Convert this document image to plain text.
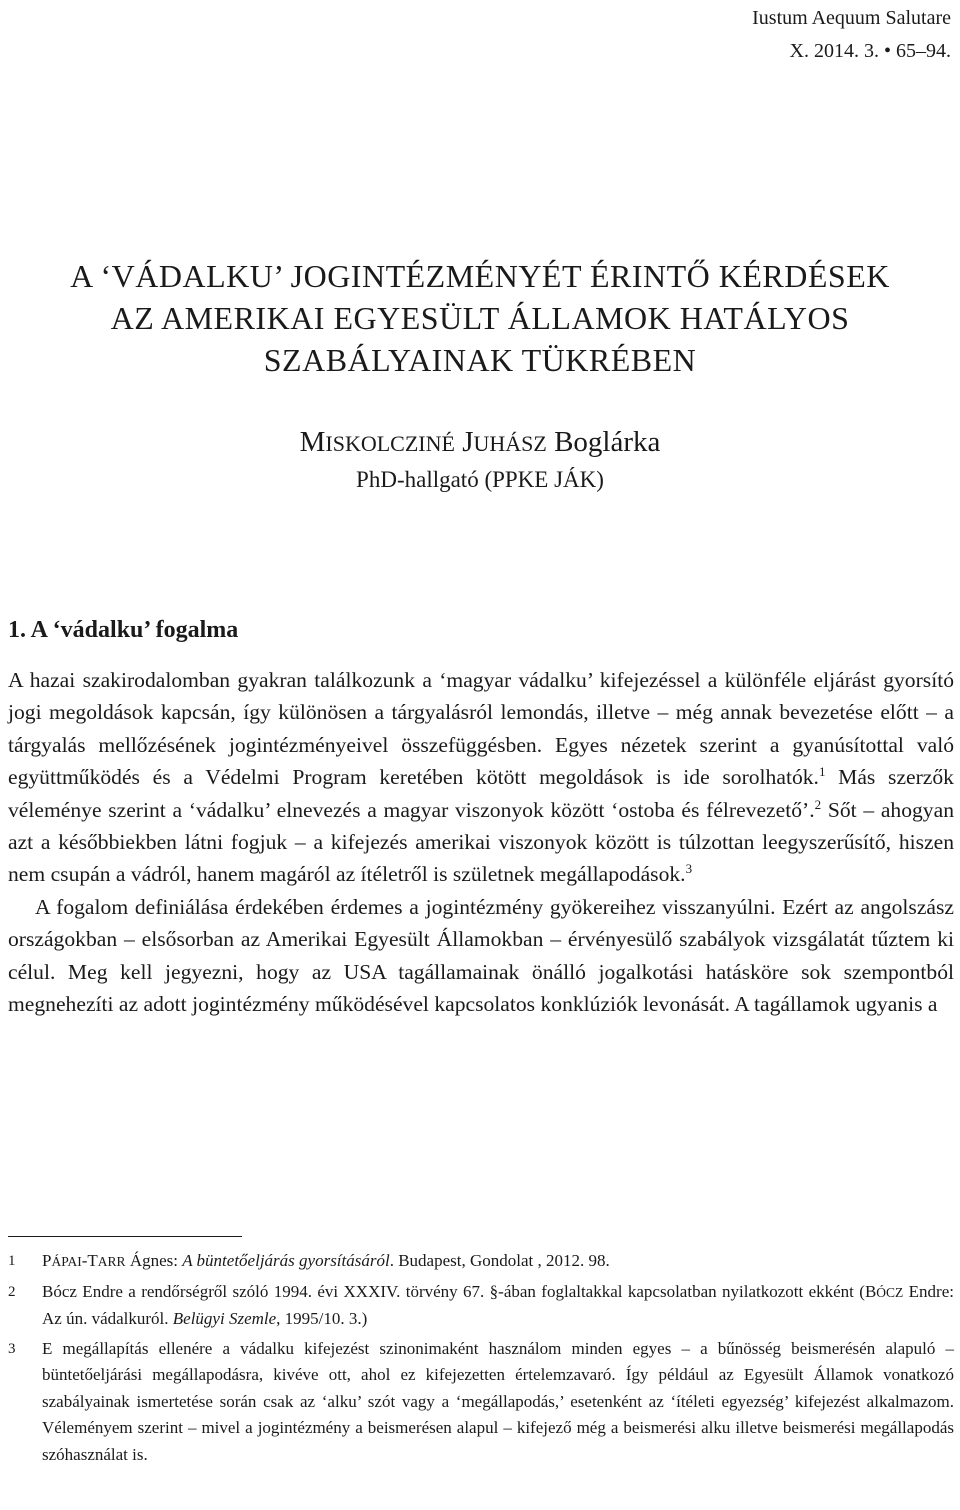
Iustum Aequum Salutare
X. 2014. 3. • 65–94.
A ‘VÁDALKU’ JOGINTÉZMÉNYÉT ÉRINTŐ KÉRDÉSEK
AZ AMERIKAI EGYESÜLT ÁLLAMOK HATÁLYOS
SZABÁLYAINAK TÜKRÉBEN
MISKOLCZINÉ JUHÁSZ Boglárka
PhD-hallgató (PPKE JÁK)
1. A ‘vádalku’ fogalma

A hazai szakirodalomban gyakran találkozunk a ‘magyar vádalku’ kifejezéssel a különféle eljárást gyorsító jogi megoldások kapcsán, így különösen a tárgyalásról lemondás, illetve – még annak bevezetése előtt – a tárgyalás mellőzésének jogintézményeivel összefüggésben. Egyes nézetek szerint a gyanúsítottal való együttműködés és a Védelmi Program keretében kötött megoldások is ide sorolhatók.$^1$ Más szerzők véleménye szerint a ‘vádalku’ elnevezés a magyar viszonyok között ‘ostoba és félrevezető’.$^2$ Sőt – ahogyan azt a későbbiekben látni fogjuk – a kifejezés amerikai viszonyok között is túlzottan leegyszerűsítő, hiszen nem csupán a vádról, hanem magáról az ítéletről is születnek megállapodások.$^3$

A fogalom definiálása érdekében érdemes a jogintézmény gyökereihez visszanyúlni. Ezért az angolszász országokban – elsősorban az Amerikai Egyesült Államokban – érvényesülő szabályok vizsgálatát tűztem ki célul. Meg kell jegyezni, hogy az USA tagállamainak önálló jogalkotási hatásköre sok szempontból megnehezíti az adott jogintézmény működésével kapcsolatos konklúziók levonását. A tagállamok ugyanis a

1 PÁPAI-TARR Ágnes: A büntetőeljárás gyorsításáról. Budapest, Gondolat , 2012. 98.
2 Bócz Endre a rendőrségről szóló 1994. évi XXXIV. törvény 67. §-ában foglaltakkal kapcsolatban nyilatkozott ekként (BÓCZ Endre: Az ún. vádalkuról. Belügyi Szemle, 1995/10. 3.)
3 E megállapítás ellenére a vádalku kifejezést szinonimaként használom minden egyes – a bűnösség beismerésén alapuló – büntetőeljárási megállapodásra, kivéve ott, ahol ez kifejezetten értelemzavaró. Így például az Egyesült Államok vonatkozó szabályainak ismertetése során csak az ‘alku’ szót vagy a ‘megállapodás,’ esetenként az ‘ítéleti egyezség’ kifejezést alkalmazom. Véleményem szerint – mivel a jogintézmény a beismerésen alapul – kifejező még a beismerési alku illetve beismerési megállapodás szóhasználat is.
